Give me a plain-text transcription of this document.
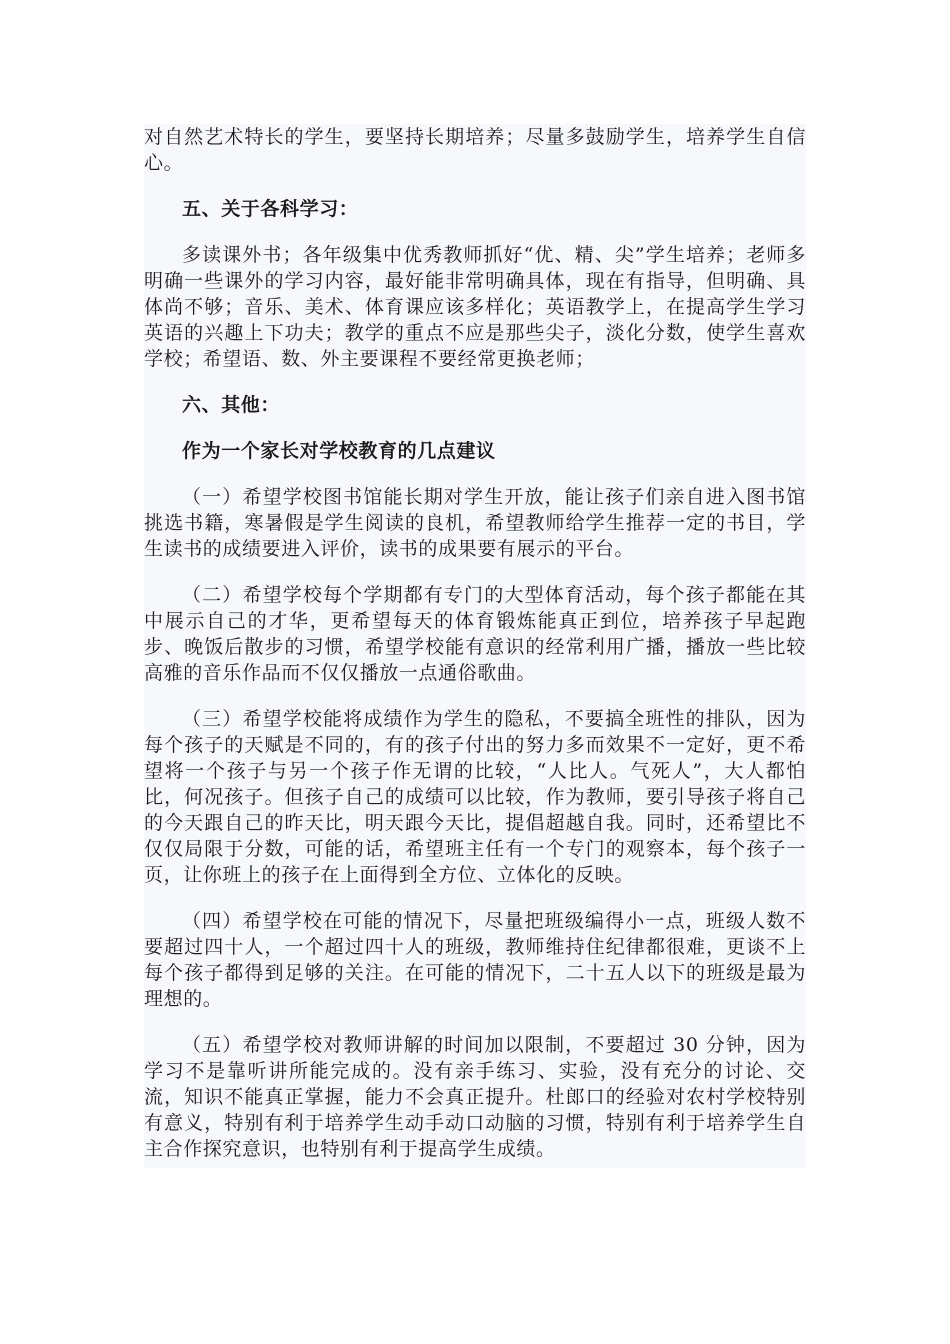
对自然艺术特长的学生，要坚持长期培养；尽量多鼓励学生，培养学生自信心。

五、关于各科学习：

多读课外书；各年级集中优秀教师抓好“优、精、尖”学生培养；老师多明确一些课外的学习内容，最好能非常明确具体，现在有指导，但明确、具体尚不够；音乐、美术、体育课应该多样化；英语教学上，在提高学生学习英语的兴趣上下功夫；教学的重点不应是那些尖子，淡化分数，使学生喜欢学校；希望语、数、外主要课程不要经常更换老师；

六、其他：

作为一个家长对学校教育的几点建议

（一）希望学校图书馆能长期对学生开放，能让孩子们亲自进入图书馆挑选书籍，寒暑假是学生阅读的良机，希望教师给学生推荐一定的书目，学生读书的成绩要进入评价，读书的成果要有展示的平台。

（二）希望学校每个学期都有专门的大型体育活动，每个孩子都能在其中展示自己的才华，更希望每天的体育锻炼能真正到位，培养孩子早起跑步、晚饭后散步的习惯，希望学校能有意识的经常利用广播，播放一些比较高雅的音乐作品而不仅仅播放一点通俗歌曲。

（三）希望学校能将成绩作为学生的隐私，不要搞全班性的排队，因为每个孩子的天赋是不同的，有的孩子付出的努力多而效果不一定好，更不希望将一个孩子与另一个孩子作无谓的比较，“人比人。气死人”，大人都怕比，何况孩子。但孩子自己的成绩可以比较，作为教师，要引导孩子将自己的今天跟自己的昨天比，明天跟今天比，提倡超越自我。同时，还希望比不仅仅局限于分数，可能的话，希望班主任有一个专门的观察本，每个孩子一页，让你班上的孩子在上面得到全方位、立体化的反映。

（四）希望学校在可能的情况下，尽量把班级编得小一点，班级人数不要超过四十人，一个超过四十人的班级，教师维持住纪律都很难，更谈不上每个孩子都得到足够的关注。在可能的情况下，二十五人以下的班级是最为理想的。

（五）希望学校对教师讲解的时间加以限制，不要超过 30 分钟，因为学习不是靠听讲所能完成的。没有亲手练习、实验，没有充分的讨论、交流，知识不能真正掌握，能力不会真正提升。杜郎口的经验对农村学校特别有意义，特别有利于培养学生动手动口动脑的习惯，特别有利于培养学生自主合作探究意识，也特别有利于提高学生成绩。
